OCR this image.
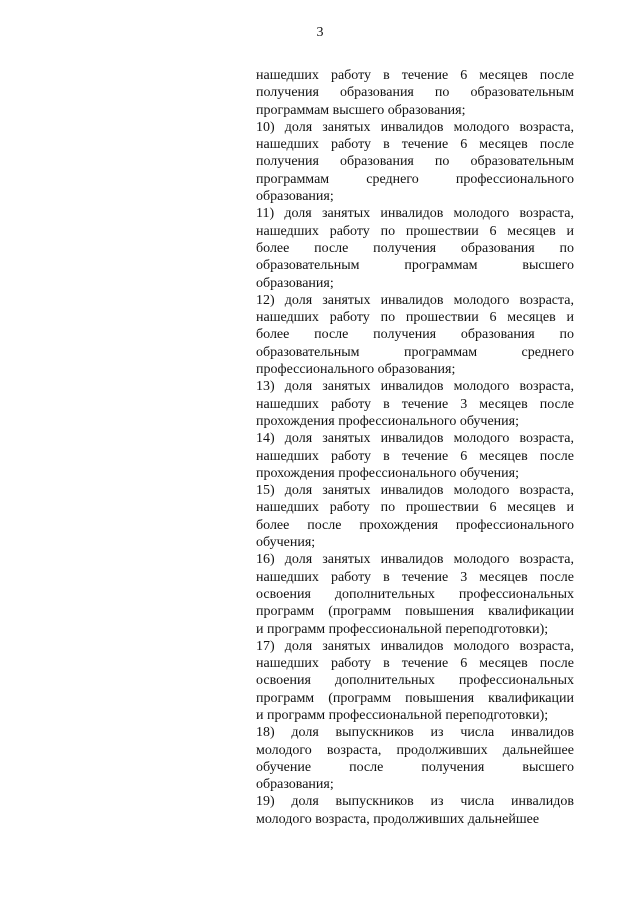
3
нашедших работу в течение 6 месяцев после
получения образования по образовательным
программам высшего образования;
10) доля занятых инвалидов молодого возраста,
нашедших работу в течение 6 месяцев после
получения образования по образовательным
программам среднего профессионального
образования;
11) доля занятых инвалидов молодого возраста,
нашедших работу по прошествии 6 месяцев и
более после получения образования по
образовательным программам высшего
образования;
12) доля занятых инвалидов молодого возраста,
нашедших работу по прошествии 6 месяцев и
более после получения образования по
образовательным программам среднего
профессионального образования;
13) доля занятых инвалидов молодого возраста,
нашедших работу в течение 3 месяцев после
прохождения профессионального обучения;
14) доля занятых инвалидов молодого возраста,
нашедших работу в течение 6 месяцев после
прохождения профессионального обучения;
15) доля занятых инвалидов молодого возраста,
нашедших работу по прошествии 6 месяцев и
более после прохождения профессионального
обучения;
16) доля занятых инвалидов молодого возраста,
нашедших работу в течение 3 месяцев после
освоения дополнительных профессиональных
программ (программ повышения квалификации
и программ профессиональной переподготовки);
17) доля занятых инвалидов молодого возраста,
нашедших работу в течение 6 месяцев после
освоения дополнительных профессиональных
программ (программ повышения квалификации
и программ профессиональной переподготовки);
18) доля выпускников из числа инвалидов
молодого возраста, продолживших дальнейшее
обучение после получения высшего
образования;
19) доля выпускников из числа инвалидов
молодого возраста, продолживших дальнейшее
